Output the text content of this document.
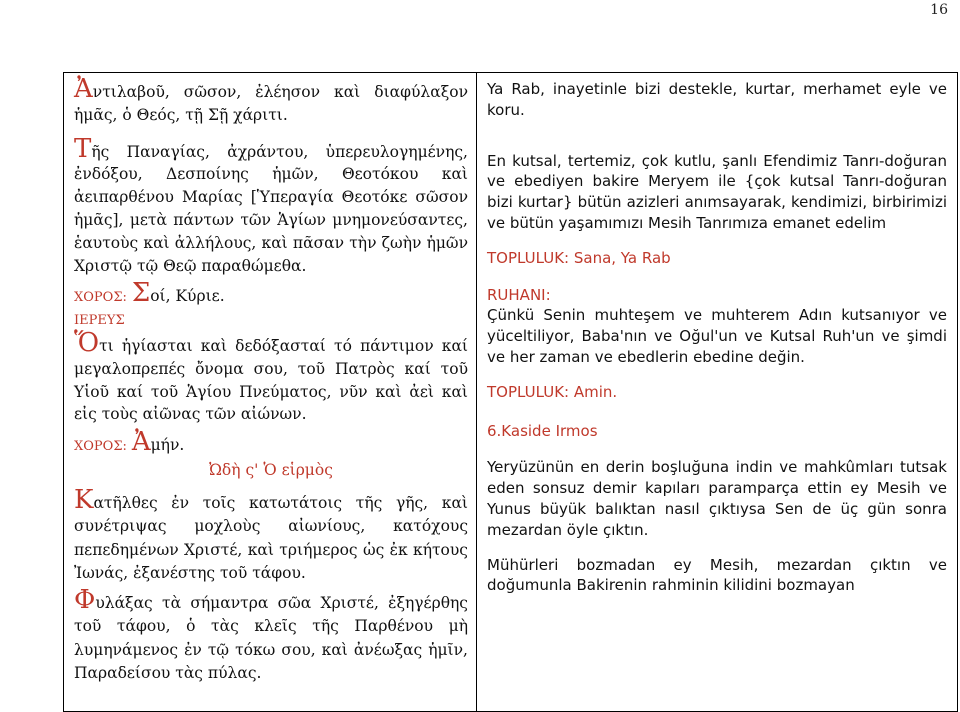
16

Ἀντιλαβοῦ, σῶσον, ἐλέησον καὶ διαφύλαξον ἡμᾶς, ὁ Θεός, τῇ Σῇ χάριτι.

Τῆς Παναγίας, ἀχράντου, ὑπερευλογημένης, ἐνδόξου, Δεσποίνης ἡμῶν, Θεοτόκου καὶ ἀειπαρθένου Μαρίας [Ὑπεραγία Θεοτόκε σῶσον ἡμᾶς], μετὰ πάντων τῶν Ἁγίων μνημονεύσαντες, ἑαυτοὺς καὶ ἀλλήλους, καὶ πᾶσαν τὴν ζωὴν ἡμῶν Χριστῷ τῷ Θεῷ παραθώμεθα.

ΧΟΡΟΣ: Σοί, Κύριε.

ΙΕΡΕΥΣ

Ὅτι ἡγίασται καὶ δεδόξασταί τό πάντιμον καί μεγαλοπρεπές ὄνομα σου, τοῦ Πατρὸς καί τοῦ Υἱοῦ καί τοῦ Ἁγίου Πνεύματος, νῦν καὶ ἀεὶ καὶ εἰς τοὺς αἰῶνας τῶν αἰώνων.

ΧΟΡΟΣ: Ἀμήν.

Ὠδὴ ς' Ὁ εἱρμὸς

Κατῆλθες ἐν τοῖς κατωτάτοις τῆς γῆς, καὶ συνέτριψας μοχλοὺς αἰωνίους, κατόχους πεπεδημένων Χριστέ, καὶ τριήμερος ὡς ἐκ κήτους Ἰωνάς, ἐξανέστης τοῦ τάφου.

Φυλάξας τὰ σήμαντρα σῶα Χριστέ, ἐξηγέρθης τοῦ τάφου, ὁ τὰς κλεῖς τῆς Παρθένου μὴ λυμηνάμενος ἐν τῷ τόκω σου, καὶ ἀνέωξας ἡμῖν, Παραδείσου τὰς πύλας.

Ya Rab, inayetinle bizi destekle, kurtar, merhamet eyle ve koru.

En kutsal, tertemiz, çok kutlu, şanlı Efendimiz Tanrı-doğuran ve ebediyen bakire Meryem ile {çok kutsal Tanrı-doğuran bizi kurtar} bütün azizleri anımsayarak, kendimizi, birbirimizi ve bütün yaşamımızı Mesih Tanrımıza emanet edelim

TOPLULUK: Sana, Ya Rab

RUHANI:

Çünkü Senin muhteşem ve muhterem Adın kutsanıyor ve yüceltiliyor, Baba'nın ve Oğul'un ve Kutsal Ruh'un ve şimdi ve her zaman ve ebedlerin ebedine değin.

TOPLULUK: Amin.

6.Kaside Irmos

Yeryüzünün en derin boşluğuna indin ve mahkûmları tutsak eden sonsuz demir kapıları paramparça ettin ey Mesih ve Yunus büyük balıktan nasıl çıktıysa Sen de üç gün sonra mezardan öyle çıktın.

Mühürleri bozmadan ey Mesih, mezardan çıktın ve doğumunla Bakirenin rahminin kilidini bozmayan
